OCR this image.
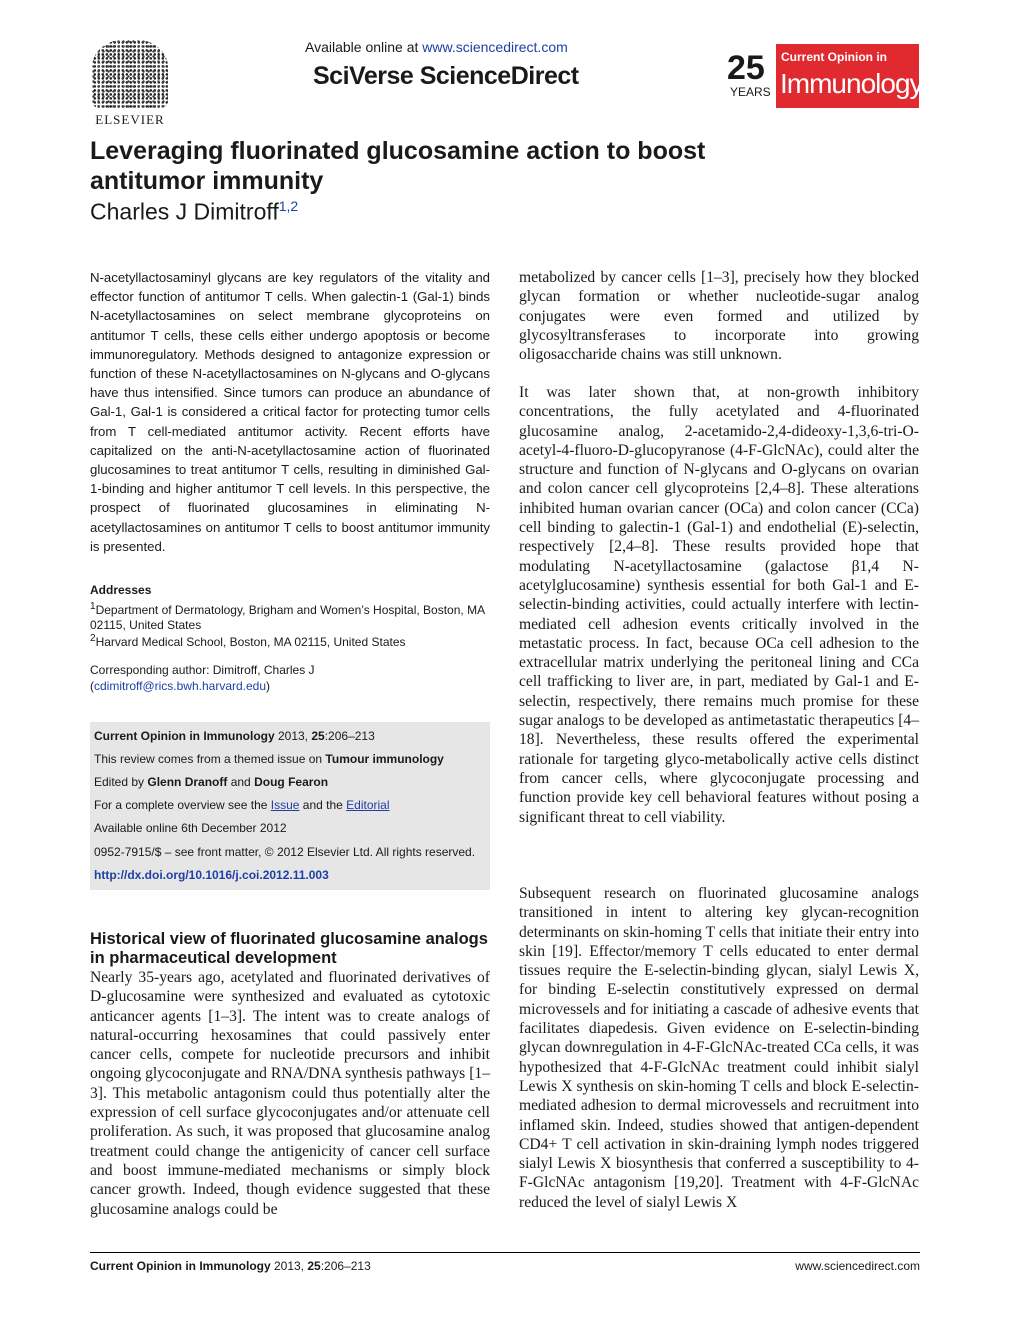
ELSEVIER
Available online at www.sciencedirect.com
SciVerse ScienceDirect	25
YEARS
Current Opinion in
Immunology
Leveraging fluorinated glucosamine action to boost antitumor immunity
Charles J Dimitroff$^{1,2}$
N-acetyllactosaminyl glycans are key regulators of the vitality and effector function of antitumor T cells. When galectin-1 (Gal-1) binds N-acetyllactosamines on select membrane glycoproteins on antitumor T cells, these cells either undergo apoptosis or become immunoregulatory. Methods designed to antagonize expression or function of these N-acetyllactosamines on N-glycans and O-glycans have thus intensified. Since tumors can produce an abundance of Gal-1, Gal-1 is considered a critical factor for protecting tumor cells from T cell-mediated antitumor activity. Recent efforts have capitalized on the anti-N-acetyllactosamine action of fluorinated glucosamines to treat antitumor T cells, resulting in diminished Gal-1-binding and higher antitumor T cell levels. In this perspective, the prospect of fluorinated glucosamines in eliminating N-acetyllactosamines on antitumor T cells to boost antitumor immunity is presented.
Addresses
$^1$Department of Dermatology, Brigham and Women’s Hospital, Boston, MA 02115, United States
$^2$Harvard Medical School, Boston, MA 02115, United States
Corresponding author: Dimitroff, Charles J
(cdimitroff@rics.bwh.harvard.edu)
Current Opinion in Immunology 2013, 25:206–213
This review comes from a themed issue on Tumour immunology
Edited by Glenn Dranoff and Doug Fearon
For a complete overview see the Issue and the Editorial
Available online 6th December 2012
0952-7915/$ – see front matter, © 2012 Elsevier Ltd. All rights reserved.
http://dx.doi.org/10.1016/j.coi.2012.11.003
Historical view of fluorinated glucosamine analogs in pharmaceutical development
Nearly 35-years ago, acetylated and fluorinated derivatives of D-glucosamine were synthesized and evaluated as cytotoxic anticancer agents [1–3]. The intent was to create analogs of natural-occurring hexosamines that could passively enter cancer cells, compete for nucleotide precursors and inhibit ongoing glycoconjugate and RNA/DNA synthesis pathways [1–3]. This metabolic antagonism could thus potentially alter the expression of cell surface glycoconjugates and/or attenuate cell proliferation. As such, it was proposed that glucosamine analog treatment could change the antigenicity of cancer cell surface and boost immune-mediated mechanisms or simply block cancer growth. Indeed, though evidence suggested that these glucosamine analogs could be
metabolized by cancer cells [1–3], precisely how they blocked glycan formation or whether nucleotide-sugar analog conjugates were even formed and utilized by glycosyltransferases to incorporate into growing oligosaccharide chains was still unknown.
It was later shown that, at non-growth inhibitory concentrations, the fully acetylated and 4-fluorinated glucosamine analog, 2-acetamido-2,4-dideoxy-1,3,6-tri-O-acetyl-4-fluoro-D-glucopyranose (4-F-GlcNAc), could alter the structure and function of N-glycans and O-glycans on ovarian and colon cancer cell glycoproteins [2,4–8]. These alterations inhibited human ovarian cancer (OCa) and colon cancer (CCa) cell binding to galectin-1 (Gal-1) and endothelial (E)-selectin, respectively [2,4–8]. These results provided hope that modulating N-acetyllactosamine (galactose β1,4 N-acetylglucosamine) synthesis essential for both Gal-1 and E-selectin-binding activities, could actually interfere with lectin-mediated cell adhesion events critically involved in the metastatic process. In fact, because OCa cell adhesion to the extracellular matrix underlying the peritoneal lining and CCa cell trafficking to liver are, in part, mediated by Gal-1 and E-selectin, respectively, there remains much promise for these sugar analogs to be developed as antimetastatic therapeutics [4–18]. Nevertheless, these results offered the experimental rationale for targeting glyco-metabolically active cells distinct from cancer cells, where glycoconjugate processing and function provide key cell behavioral features without posing a significant threat to cell viability.
Subsequent research on fluorinated glucosamine analogs transitioned in intent to altering key glycan-recognition determinants on skin-homing T cells that initiate their entry into skin [19]. Effector/memory T cells educated to enter dermal tissues require the E-selectin-binding glycan, sialyl Lewis X, for binding E-selectin constitutively expressed on dermal microvessels and for initiating a cascade of adhesive events that facilitates diapedesis. Given evidence on E-selectin-binding glycan downregulation in 4-F-GlcNAc-treated CCa cells, it was hypothesized that 4-F-GlcNAc treatment could inhibit sialyl Lewis X synthesis on skin-homing T cells and block E-selectin-mediated adhesion to dermal microvessels and recruitment into inflamed skin. Indeed, studies showed that antigen-dependent CD4+ T cell activation in skin-draining lymph nodes triggered sialyl Lewis X biosynthesis that conferred a susceptibility to 4-F-GlcNAc antagonism [19,20]. Treatment with 4-F-GlcNAc reduced the level of sialyl Lewis X
Current Opinion in Immunology 2013, 25:206–213	www.sciencedirect.com
